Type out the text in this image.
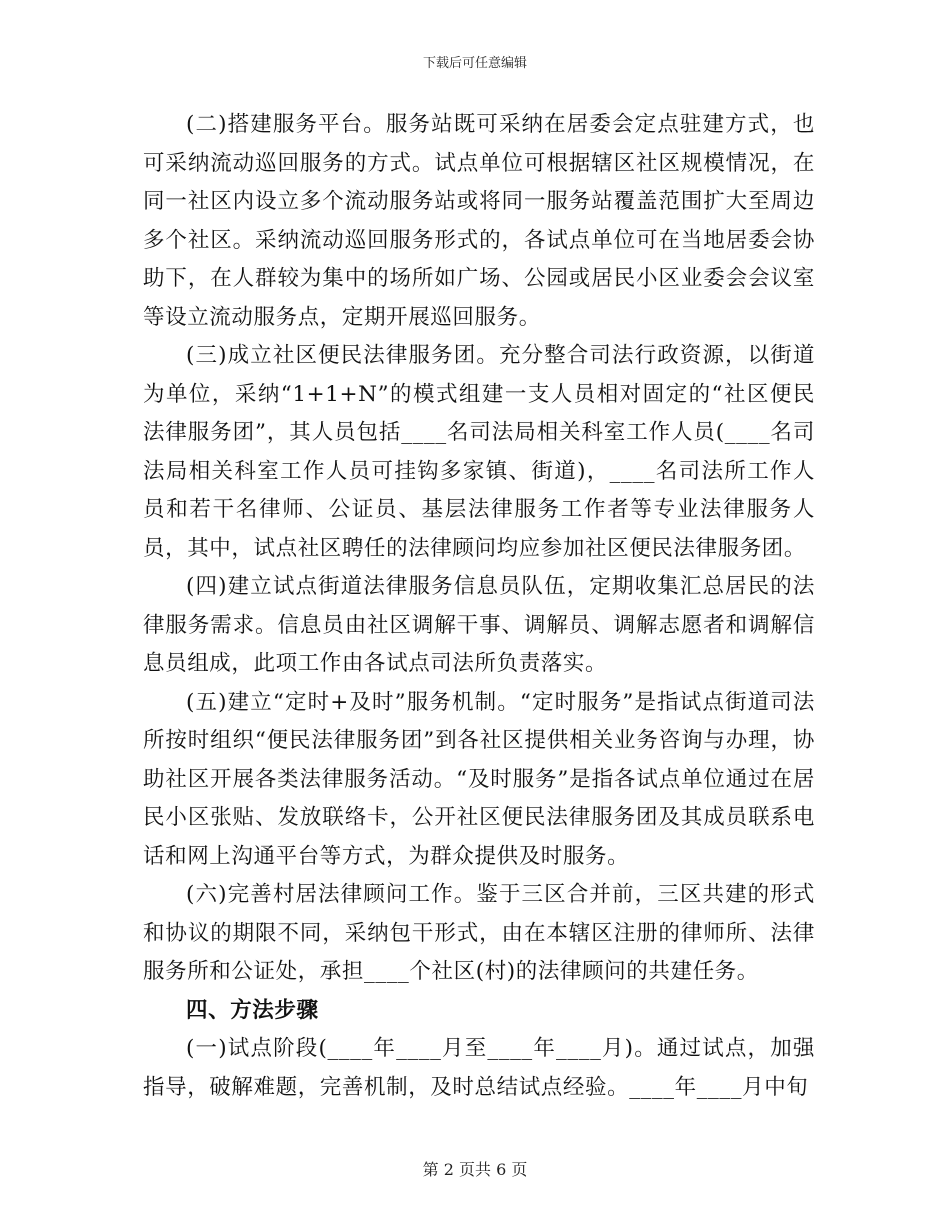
下载后可任意编辑

(二)搭建服务平台。服务站既可采纳在居委会定点驻建方式，也可采纳流动巡回服务的方式。试点单位可根据辖区社区规模情况，在同一社区内设立多个流动服务站或将同一服务站覆盖范围扩大至周边多个社区。采纳流动巡回服务形式的，各试点单位可在当地居委会协助下，在人群较为集中的场所如广场、公园或居民小区业委会会议室等设立流动服务点，定期开展巡回服务。

(三)成立社区便民法律服务团。充分整合司法行政资源，以街道为单位，采纳“1+1+N”的模式组建一支人员相对固定的“社区便民法律服务团”，其人员包括____名司法局相关科室工作人员(____名司法局相关科室工作人员可挂钩多家镇、街道)，____名司法所工作人员和若干名律师、公证员、基层法律服务工作者等专业法律服务人员，其中，试点社区聘任的法律顾问均应参加社区便民法律服务团。

(四)建立试点街道法律服务信息员队伍，定期收集汇总居民的法律服务需求。信息员由社区调解干事、调解员、调解志愿者和调解信息员组成，此项工作由各试点司法所负责落实。

(五)建立“定时+及时”服务机制。“定时服务”是指试点街道司法所按时组织“便民法律服务团”到各社区提供相关业务咨询与办理，协助社区开展各类法律服务活动。“及时服务”是指各试点单位通过在居民小区张贴、发放联络卡，公开社区便民法律服务团及其成员联系电话和网上沟通平台等方式，为群众提供及时服务。

(六)完善村居法律顾问工作。鉴于三区合并前，三区共建的形式和协议的期限不同，采纳包干形式，由在本辖区注册的律师所、法律服务所和公证处，承担____个社区(村)的法律顾问的共建任务。

四、方法步骤

(一)试点阶段(____年____月至____年____月)。通过试点，加强指导，破解难题，完善机制，及时总结试点经验。____年____月中旬

第 2 页共 6 页
